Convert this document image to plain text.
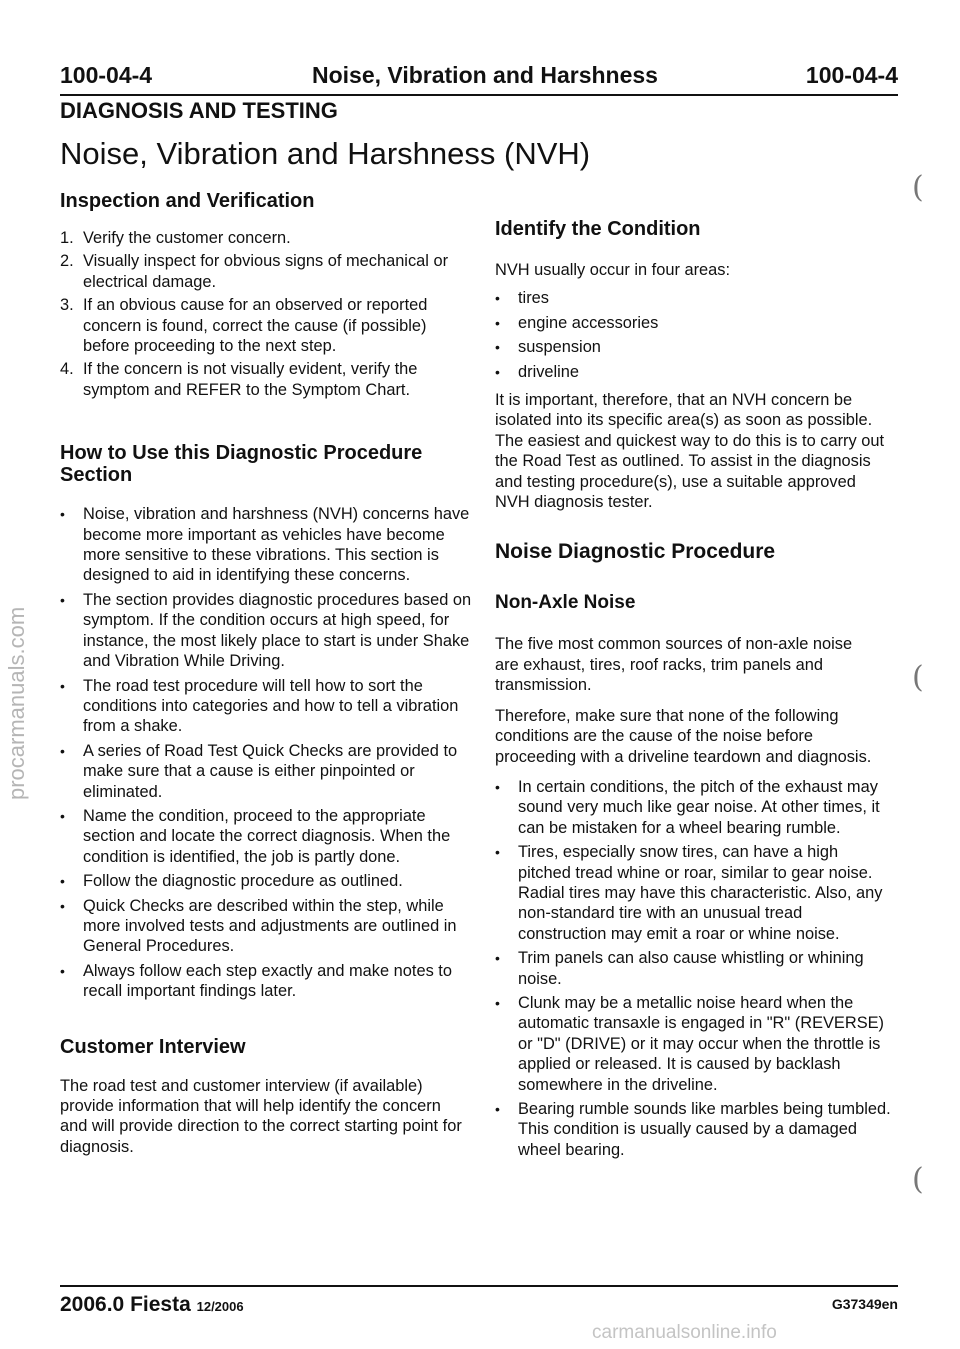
100-04-4	Noise, Vibration and Harshness	100-04-4
DIAGNOSIS AND TESTING
Noise, Vibration and Harshness (NVH)
Inspection and Verification
1. Verify the customer concern.
2. Visually inspect for obvious signs of mechanical or electrical damage.
3. If an obvious cause for an observed or reported concern is found, correct the cause (if possible) before proceeding to the next step.
4. If the concern is not visually evident, verify the symptom and REFER to the Symptom Chart.
How to Use this Diagnostic Procedure Section
• Noise, vibration and harshness (NVH) concerns have become more important as vehicles have become more sensitive to these vibrations. This section is designed to aid in identifying these concerns.
• The section provides diagnostic procedures based on symptom. If the condition occurs at high speed, for instance, the most likely place to start is under Shake and Vibration While Driving.
• The road test procedure will tell how to sort the conditions into categories and how to tell a vibration from a shake.
• A series of Road Test Quick Checks are provided to make sure that a cause is either pinpointed or eliminated.
• Name the condition, proceed to the appropriate section and locate the correct diagnosis. When the condition is identified, the job is partly done.
• Follow the diagnostic procedure as outlined.
• Quick Checks are described within the step, while more involved tests and adjustments are outlined in General Procedures.
• Always follow each step exactly and make notes to recall important findings later.
Customer Interview

The road test and customer interview (if available) provide information that will help identify the concern and will provide direction to the correct starting point for diagnosis.

Identify the Condition

NVH usually occur in four areas:

• tires
• engine accessories
• suspension
• driveline

It is important, therefore, that an NVH concern be isolated into its specific area(s) as soon as possible. The easiest and quickest way to do this is to carry out the Road Test as outlined. To assist in the diagnosis and testing procedure(s), use a suitable approved NVH diagnosis tester.

Noise Diagnostic Procedure
Non-Axle Noise

The five most common sources of non-axle noise are exhaust, tires, roof racks, trim panels and transmission.

Therefore, make sure that none of the following conditions are the cause of the noise before proceeding with a driveline teardown and diagnosis.

• In certain conditions, the pitch of the exhaust may sound very much like gear noise. At other times, it can be mistaken for a wheel bearing rumble.
• Tires, especially snow tires, can have a high pitched tread whine or roar, similar to gear noise. Radial tires may have this characteristic. Also, any non-standard tire with an unusual tread construction may emit a roar or whine noise.
• Trim panels can also cause whistling or whining noise.
• Clunk may be a metallic noise heard when the automatic transaxle is engaged in "R" (REVERSE) or "D" (DRIVE) or it may occur when the throttle is applied or released. It is caused by backlash somewhere in the driveline.
• Bearing rumble sounds like marbles being tumbled. This condition is usually caused by a damaged wheel bearing.
(
(
(
procarmanuals.com
2006.0 Fiesta 12/2006	G37349en
carmanualsonline.info
